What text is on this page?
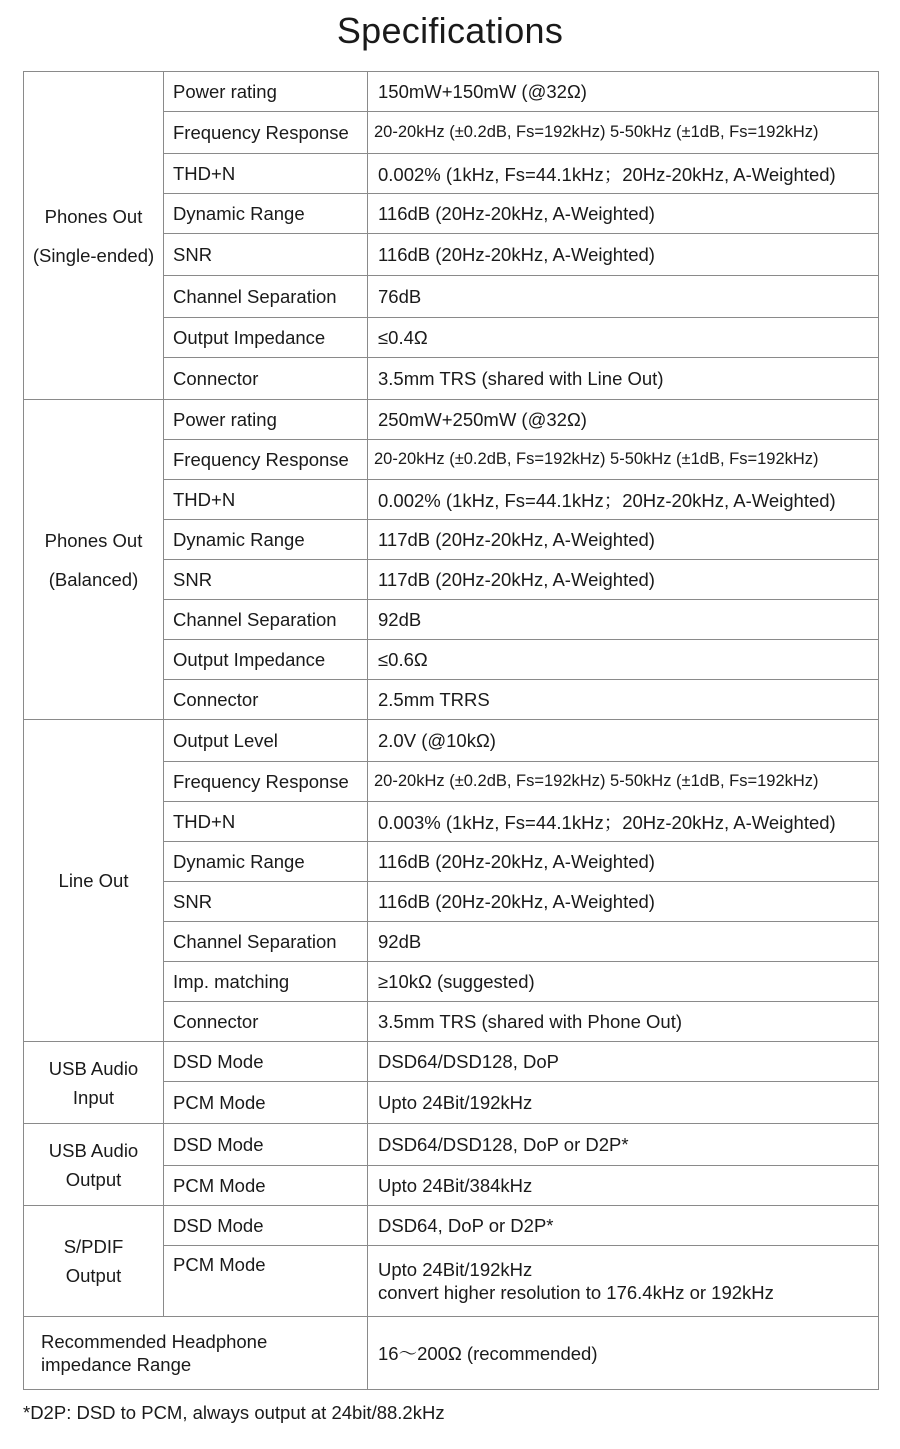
Specifications
Phones Out
(Single-ended)	Power rating	150mW+150mW (@32Ω)
	Frequency Response	20-20kHz (±0.2dB, Fs=192kHz) 5-50kHz (±1dB, Fs=192kHz)
	THD+N	0.002% (1kHz, Fs=44.1kHz；20Hz-20kHz, A-Weighted)
	Dynamic Range	116dB (20Hz-20kHz, A-Weighted)
	SNR	116dB (20Hz-20kHz, A-Weighted)
	Channel Separation	76dB
	Output Impedance	≤0.4Ω
	Connector	3.5mm TRS (shared with Line Out)
Phones Out
(Balanced)	Power rating	250mW+250mW (@32Ω)
	Frequency Response	20-20kHz (±0.2dB, Fs=192kHz) 5-50kHz (±1dB, Fs=192kHz)
	THD+N	0.002% (1kHz, Fs=44.1kHz；20Hz-20kHz, A-Weighted)
	Dynamic Range	117dB (20Hz-20kHz, A-Weighted)
	SNR	117dB (20Hz-20kHz, A-Weighted)
	Channel Separation	92dB
	Output Impedance	≤0.6Ω
	Connector	2.5mm TRRS
Line Out	Output Level	2.0V (@10kΩ)
	Frequency Response	20-20kHz (±0.2dB, Fs=192kHz) 5-50kHz (±1dB, Fs=192kHz)
	THD+N	0.003% (1kHz, Fs=44.1kHz；20Hz-20kHz, A-Weighted)
	Dynamic Range	116dB (20Hz-20kHz, A-Weighted)
	SNR	116dB (20Hz-20kHz, A-Weighted)
	Channel Separation	92dB
	Imp. matching	≥10kΩ (suggested)
	Connector	3.5mm TRS (shared with Phone Out)
USB Audio
Input	DSD Mode	DSD64/DSD128, DoP
	PCM Mode	Upto 24Bit/192kHz
USB Audio
Output	DSD Mode	DSD64/DSD128, DoP or D2P*
	PCM Mode	Upto 24Bit/384kHz
S/PDIF
Output	DSD Mode	DSD64, DoP or D2P*
	PCM Mode	Upto 24Bit/192kHz
convert higher resolution to 176.4kHz or 192kHz
Recommended Headphone
impedance Range		16～200Ω (recommended)
*D2P: DSD to PCM, always output at 24bit/88.2kHz
